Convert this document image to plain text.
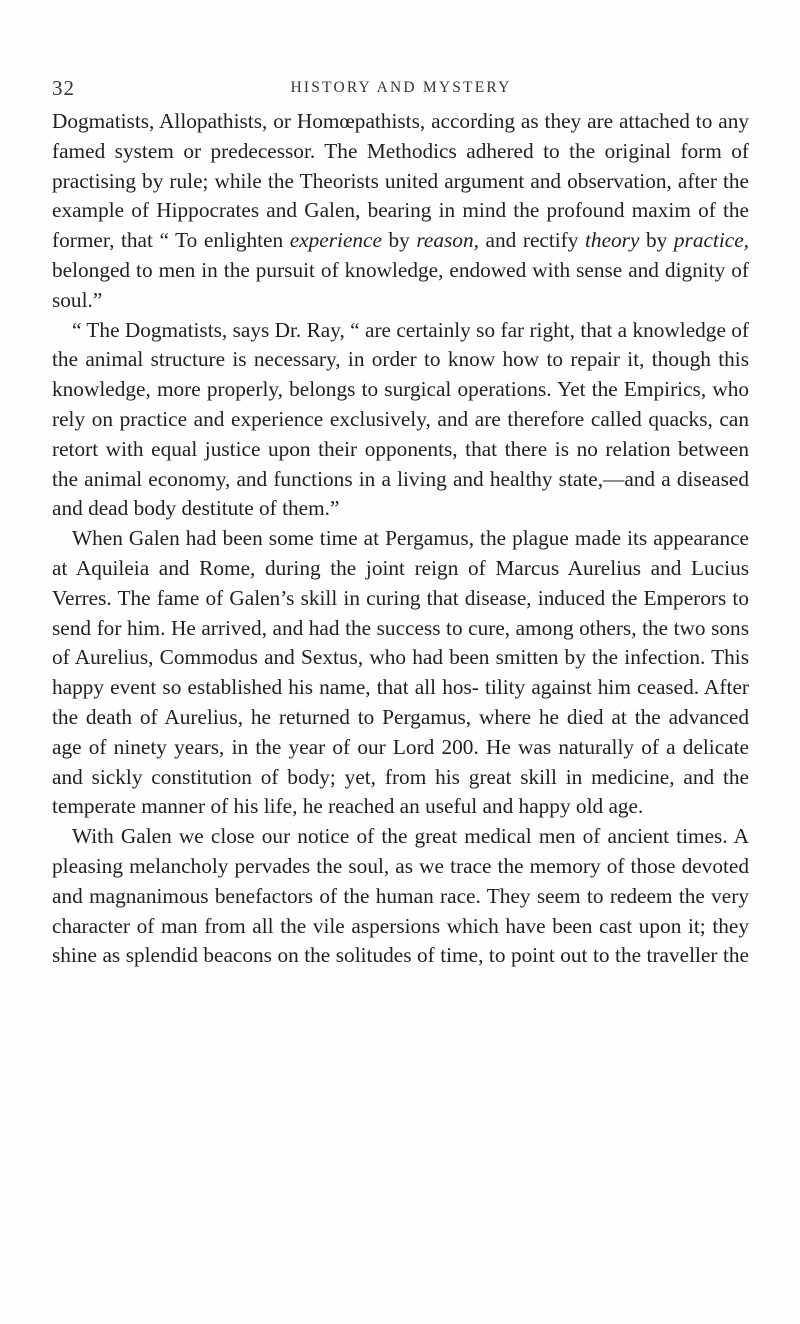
32	HISTORY AND MYSTERY

Dogmatists, Allopathists, or Homœpathists, according as they are attached to any famed system or predecessor. The Methodics adhered to the original form of practising by rule; while the Theorists united argument and observation, after the example of Hippocrates and Galen, bearing in mind the profound maxim of the former, that “ To enlighten experience by reason, and rectify theory by practice, belonged to men in the pursuit of knowledge, endowed with sense and dignity of soul.”

“ The Dogmatists, says Dr. Ray, “ are certainly so far right, that a knowledge of the animal structure is necessary, in order to know how to repair it, though this knowledge, more properly, belongs to surgical operations. Yet the Empirics, who rely on practice and experience exclusively, and are therefore called quacks, can retort with equal justice upon their opponents, that there is no relation between the animal economy, and functions in a living and healthy state,—and a diseased and dead body destitute of them.”

When Galen had been some time at Pergamus, the plague made its appearance at Aquileia and Rome, during the joint reign of Marcus Aurelius and Lucius Verres. The fame of Galen’s skill in curing that disease, induced the Emperors to send for him. He arrived, and had the success to cure, among others, the two sons of Aurelius, Commodus and Sextus, who had been smitten by the infection. This happy event so established his name, that all hos- tility against him ceased. After the death of Aurelius, he returned to Pergamus, where he died at the advanced age of ninety years, in the year of our Lord 200. He was naturally of a delicate and sickly constitution of body; yet, from his great skill in medicine, and the temperate manner of his life, he reached an useful and happy old age.

With Galen we close our notice of the great medical men of ancient times. A pleasing melancholy pervades the soul, as we trace the memory of those devoted and magnanimous benefactors of the human race. They seem to redeem the very character of man from all the vile aspersions which have been cast upon it; they shine as splendid beacons on the solitudes of time, to point out to the traveller the
